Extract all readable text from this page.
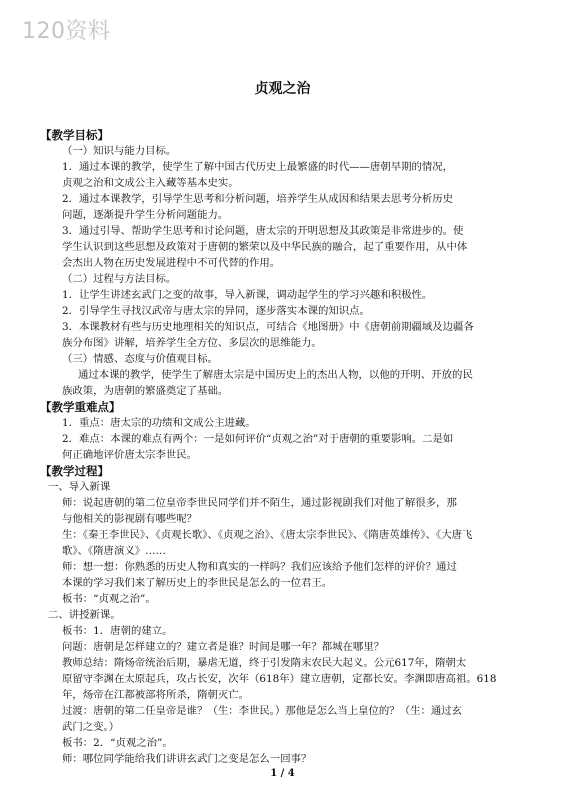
120资料
贞观之治

【教学目标】

（一）知识与能力目标。

1．通过本课的教学，使学生了解中国古代历史上最繁盛的时代——唐朝早期的情况，

贞观之治和文成公主入藏等基本史实。

2．通过本课教学，引导学生思考和分析问题，培养学生从成因和结果去思考分析历史

问题，逐渐提升学生分析问题能力。

3．通过引导、帮助学生思考和讨论问题，唐太宗的开明思想及其政策是非常进步的。使

学生认识到这些思想及政策对于唐朝的繁荣以及中华民族的融合，起了重要作用，从中体

会杰出人物在历史发展进程中不可代替的作用。

（二）过程与方法目标。

1．让学生讲述玄武门之变的故事，导入新课，调动起学生的学习兴趣和积极性。

2．引导学生寻找汉武帝与唐太宗的异同，逐步落实本课的知识点。

3．本课教材有些与历史地理相关的知识点，可结合《地图册》中《唐朝前期疆域及边疆各

族分布图》讲解，培养学生全方位、多层次的思维能力。

（三）情感、态度与价值观目标。

通过本课的教学，使学生了解唐太宗是中国历史上的杰出人物，以他的开明、开放的民

族政策，为唐朝的繁盛奠定了基础。

【教学重难点】

1．重点：唐太宗的功绩和文成公主进藏。

2．难点：本课的难点有两个：一是如何评价“贞观之治”对于唐朝的重要影响。二是如

何正确地评价唐太宗李世民。

【教学过程】

一、导入新课

师：说起唐朝的第二位皇帝李世民同学们并不陌生，通过影视剧我们对他了解很多，那

与他相关的影视剧有哪些呢？

生：《秦王李世民》、《贞观长歌》、《贞观之治》、《唐太宗李世民》、《隋唐英雄传》、《大唐飞

歌》、《隋唐演义》……

师：想一想：你熟悉的历史人物和真实的一样吗？我们应该给予他们怎样的评价？通过

本课的学习我们来了解历史上的李世民是怎么的一位君王。

板书：“贞观之治”。

二、讲授新课。

板书：1．唐朝的建立。

问题：唐朝是怎样建立的？建立者是谁？时间是哪一年？都城在哪里？

教师总结：隋炀帝统治后期，暴虐无道，终于引发隋末农民大起义。公元617年，隋朝太

原留守李渊在太原起兵，攻占长安，次年（618年）建立唐朝，定都长安。李渊即唐高祖。618

年，炀帝在江都被部将所杀，隋朝灭亡。

过渡：唐朝的第二任皇帝是谁？（生：李世民。）那他是怎么当上皇位的？（生：通过玄

武门之变。）

板书：2．“贞观之治”。

师：哪位同学能给我们讲讲玄武门之变是怎么一回事？

1 / 4
